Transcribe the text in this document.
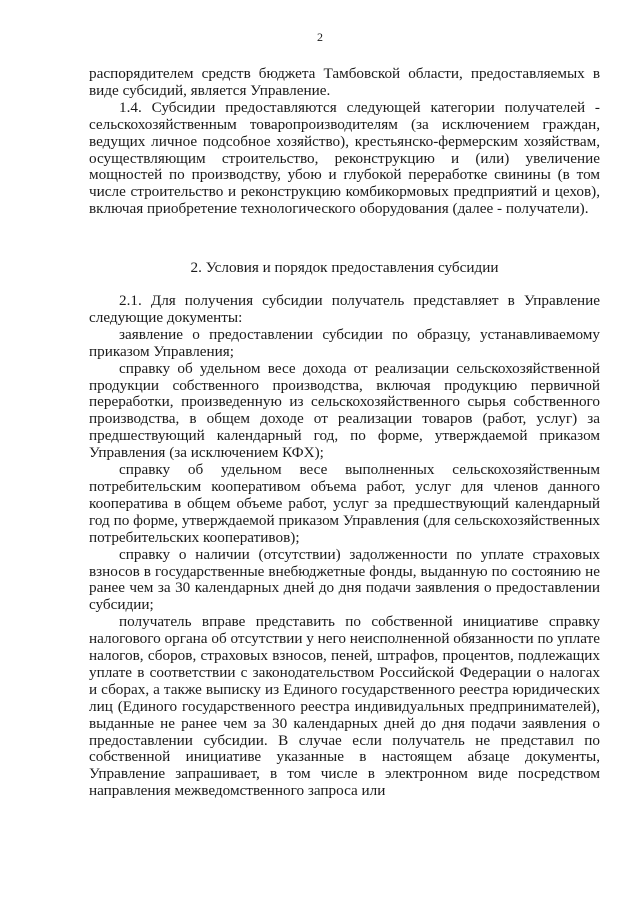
2

распорядителем средств бюджета Тамбовской области, предоставляемых в виде субсидий, является Управление.

1.4. Субсидии предоставляются следующей категории получателей - сельскохозяйственным товаропроизводителям (за исключением граждан, ведущих личное подсобное хозяйство), крестьянско-фермерским хозяйствам, осуществляющим строительство, реконструкцию и (или) увеличение мощностей по производству, убою и глубокой переработке свинины (в том числе строительство и реконструкцию комбикормовых предприятий и цехов), включая приобретение технологического оборудования (далее - получатели).

2. Условия и порядок предоставления субсидии

2.1. Для получения субсидии получатель представляет в Управление следующие документы:

заявление о предоставлении субсидии по образцу, устанавливаемому приказом Управления;

справку об удельном весе дохода от реализации сельскохозяйственной продукции собственного производства, включая продукцию первичной переработки, произведенную из сельскохозяйственного сырья собственного производства, в общем доходе от реализации товаров (работ, услуг) за предшествующий календарный год, по форме, утверждаемой приказом Управления (за исключением КФХ);

справку об удельном весе выполненных сельскохозяйственным потребительским кооперативом объема работ, услуг для членов данного кооператива в общем объеме работ, услуг за предшествующий календарный год по форме, утверждаемой приказом Управления (для сельскохозяйственных потребительских кооперативов);

справку о наличии (отсутствии) задолженности по уплате страховых взносов в государственные внебюджетные фонды, выданную по состоянию не ранее чем за 30 календарных дней до дня подачи заявления о предоставлении субсидии;

получатель вправе представить по собственной инициативе справку налогового органа об отсутствии у него неисполненной обязанности по уплате налогов, сборов, страховых взносов, пеней, штрафов, процентов, подлежащих уплате в соответствии с законодательством Российской Федерации о налогах и сборах, а также выписку из Единого государственного реестра юридических лиц (Единого государственного реестра индивидуальных предпринимателей), выданные не ранее чем за 30 календарных дней до дня подачи заявления о предоставлении субсидии. В случае если получатель не представил по собственной инициативе указанные в настоящем абзаце документы, Управление запрашивает, в том числе в электронном виде посредством направления межведомственного запроса или
